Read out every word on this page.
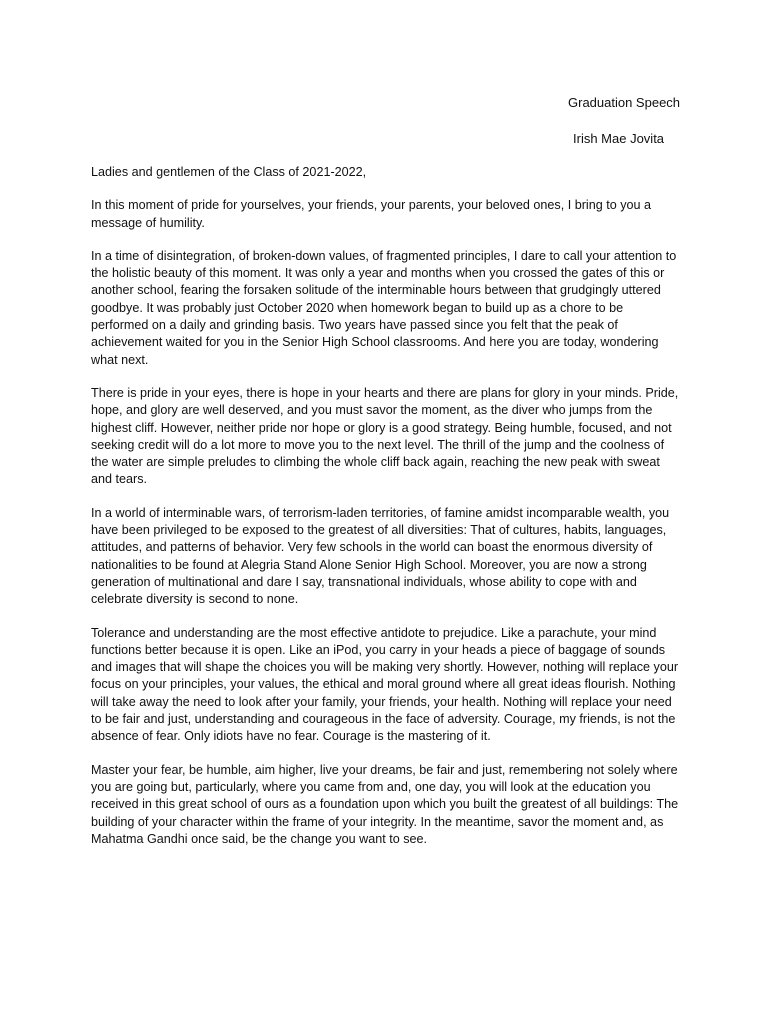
Graduation Speech
Irish Mae Jovita

Ladies and gentlemen of the Class of 2021-2022,

In this moment of pride for yourselves, your friends, your parents, your beloved ones, I bring to you a message of humility.

In a time of disintegration, of broken-down values, of fragmented principles, I dare to call your attention to the holistic beauty of this moment. It was only a year and months when you crossed the gates of this or another school, fearing the forsaken solitude of the interminable hours between that grudgingly uttered goodbye. It was probably just October 2020 when homework began to build up as a chore to be performed on a daily and grinding basis. Two years have passed since you felt that the peak of achievement waited for you in the Senior High School classrooms. And here you are today, wondering what next.

There is pride in your eyes, there is hope in your hearts and there are plans for glory in your minds. Pride, hope, and glory are well deserved, and you must savor the moment, as the diver who jumps from the highest cliff. However, neither pride nor hope or glory is a good strategy. Being humble, focused, and not seeking credit will do a lot more to move you to the next level. The thrill of the jump and the coolness of the water are simple preludes to climbing the whole cliff back again, reaching the new peak with sweat and tears.

In a world of interminable wars, of terrorism-laden territories, of famine amidst incomparable wealth, you have been privileged to be exposed to the greatest of all diversities: That of cultures, habits, languages, attitudes, and patterns of behavior. Very few schools in the world can boast the enormous diversity of nationalities to be found at Alegria Stand Alone Senior High School. Moreover, you are now a strong generation of multinational and dare I say, transnational individuals, whose ability to cope with and celebrate diversity is second to none.

Tolerance and understanding are the most effective antidote to prejudice. Like a parachute, your mind functions better because it is open. Like an iPod, you carry in your heads a piece of baggage of sounds and images that will shape the choices you will be making very shortly. However, nothing will replace your focus on your principles, your values, the ethical and moral ground where all great ideas flourish. Nothing will take away the need to look after your family, your friends, your health. Nothing will replace your need to be fair and just, understanding and courageous in the face of adversity. Courage, my friends, is not the absence of fear. Only idiots have no fear. Courage is the mastering of it.

Master your fear, be humble, aim higher, live your dreams, be fair and just, remembering not solely where you are going but, particularly, where you came from and, one day, you will look at the education you received in this great school of ours as a foundation upon which you built the greatest of all buildings: The building of your character within the frame of your integrity. In the meantime, savor the moment and, as Mahatma Gandhi once said, be the change you want to see.
